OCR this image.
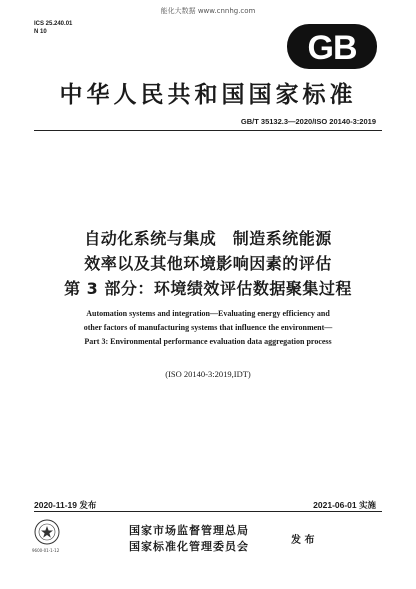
能化大数据 www.cnnhg.com
ICS 25.240.01
N 10	GB
中华人民共和国国家标准
GB/T 35132.3—2020/ISO 20140-3:2019
自动化系统与集成　制造系统能源
效率以及其他环境影响因素的评估
第 3 部分：环境绩效评估数据聚集过程
Automation systems and integration—Evaluating energy efficiency and
other factors of manufacturing systems that influence the environment—
Part 3: Environmental performance evaluation data aggregation process
(ISO 20140-3:2019,IDT)
2020-11-19 发布	2021-06-01 实施
9600-01-1-12
国家市场监督管理总局
国家标准化管理委员会	发 布
